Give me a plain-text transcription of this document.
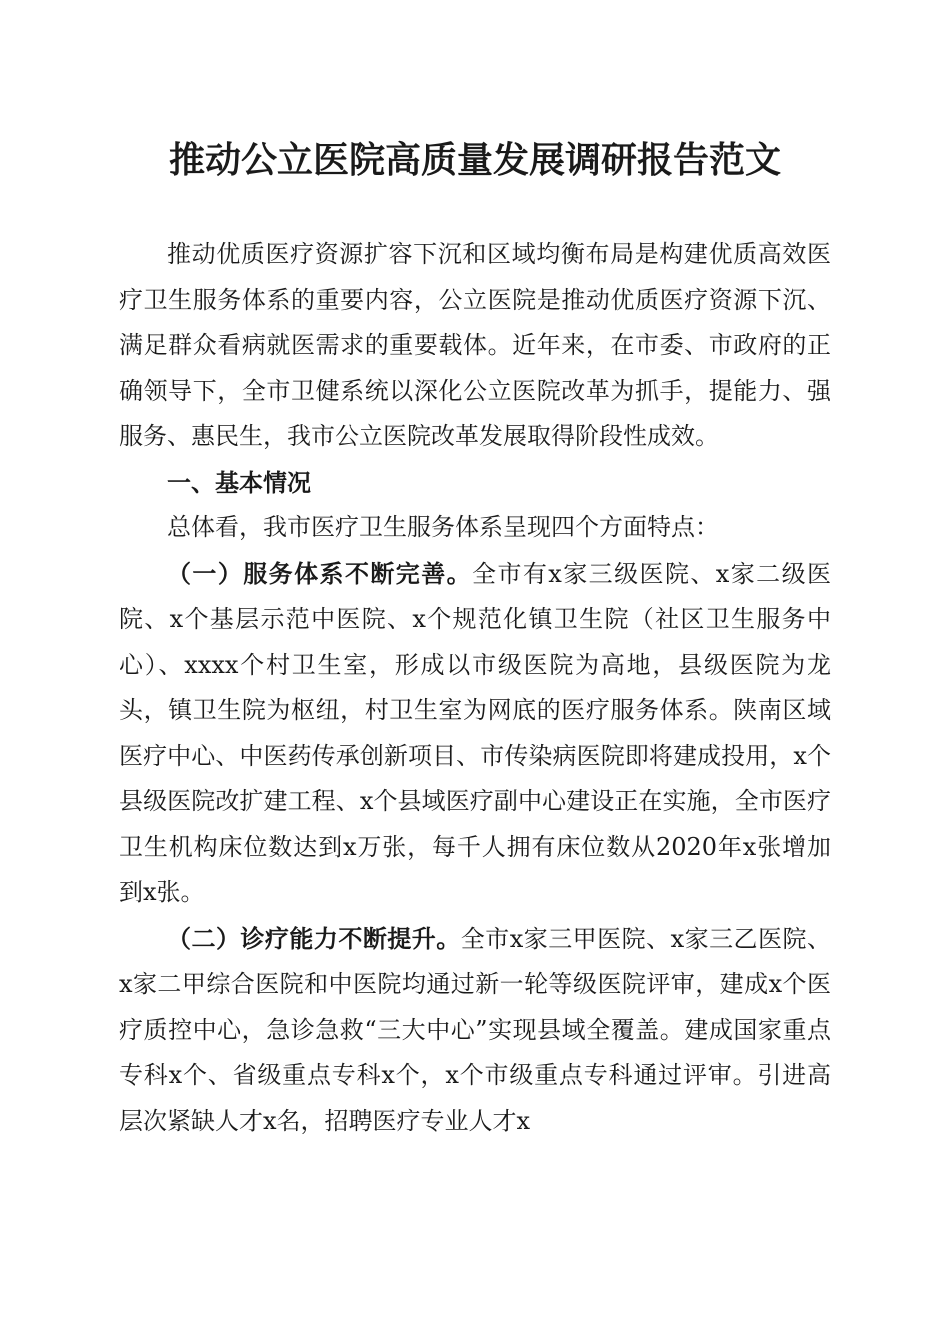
推动公立医院高质量发展调研报告范文

推动优质医疗资源扩容下沉和区域均衡布局是构建优质高效医疗卫生服务体系的重要内容，公立医院是推动优质医疗资源下沉、满足群众看病就医需求的重要载体。近年来，在市委、市政府的正确领导下，全市卫健系统以深化公立医院改革为抓手，提能力、强服务、惠民生，我市公立医院改革发展取得阶段性成效。

一、基本情况

总体看，我市医疗卫生服务体系呈现四个方面特点：

（一）服务体系不断完善。全市有x家三级医院、x家二级医院、x个基层示范中医院、x个规范化镇卫生院（社区卫生服务中心）、xxxx个村卫生室，形成以市级医院为高地，县级医院为龙头，镇卫生院为枢纽，村卫生室为网底的医疗服务体系。陕南区域医疗中心、中医药传承创新项目、市传染病医院即将建成投用，x个县级医院改扩建工程、x个县域医疗副中心建设正在实施，全市医疗卫生机构床位数达到x万张，每千人拥有床位数从2020年x张增加到x张。

（二）诊疗能力不断提升。全市x家三甲医院、x家三乙医院、x家二甲综合医院和中医院均通过新一轮等级医院评审，建成x个医疗质控中心，急诊急救“三大中心”实现县域全覆盖。建成国家重点专科x个、省级重点专科x个，x个市级重点专科通过评审。引进高层次紧缺人才x名，招聘医疗专业人才x
